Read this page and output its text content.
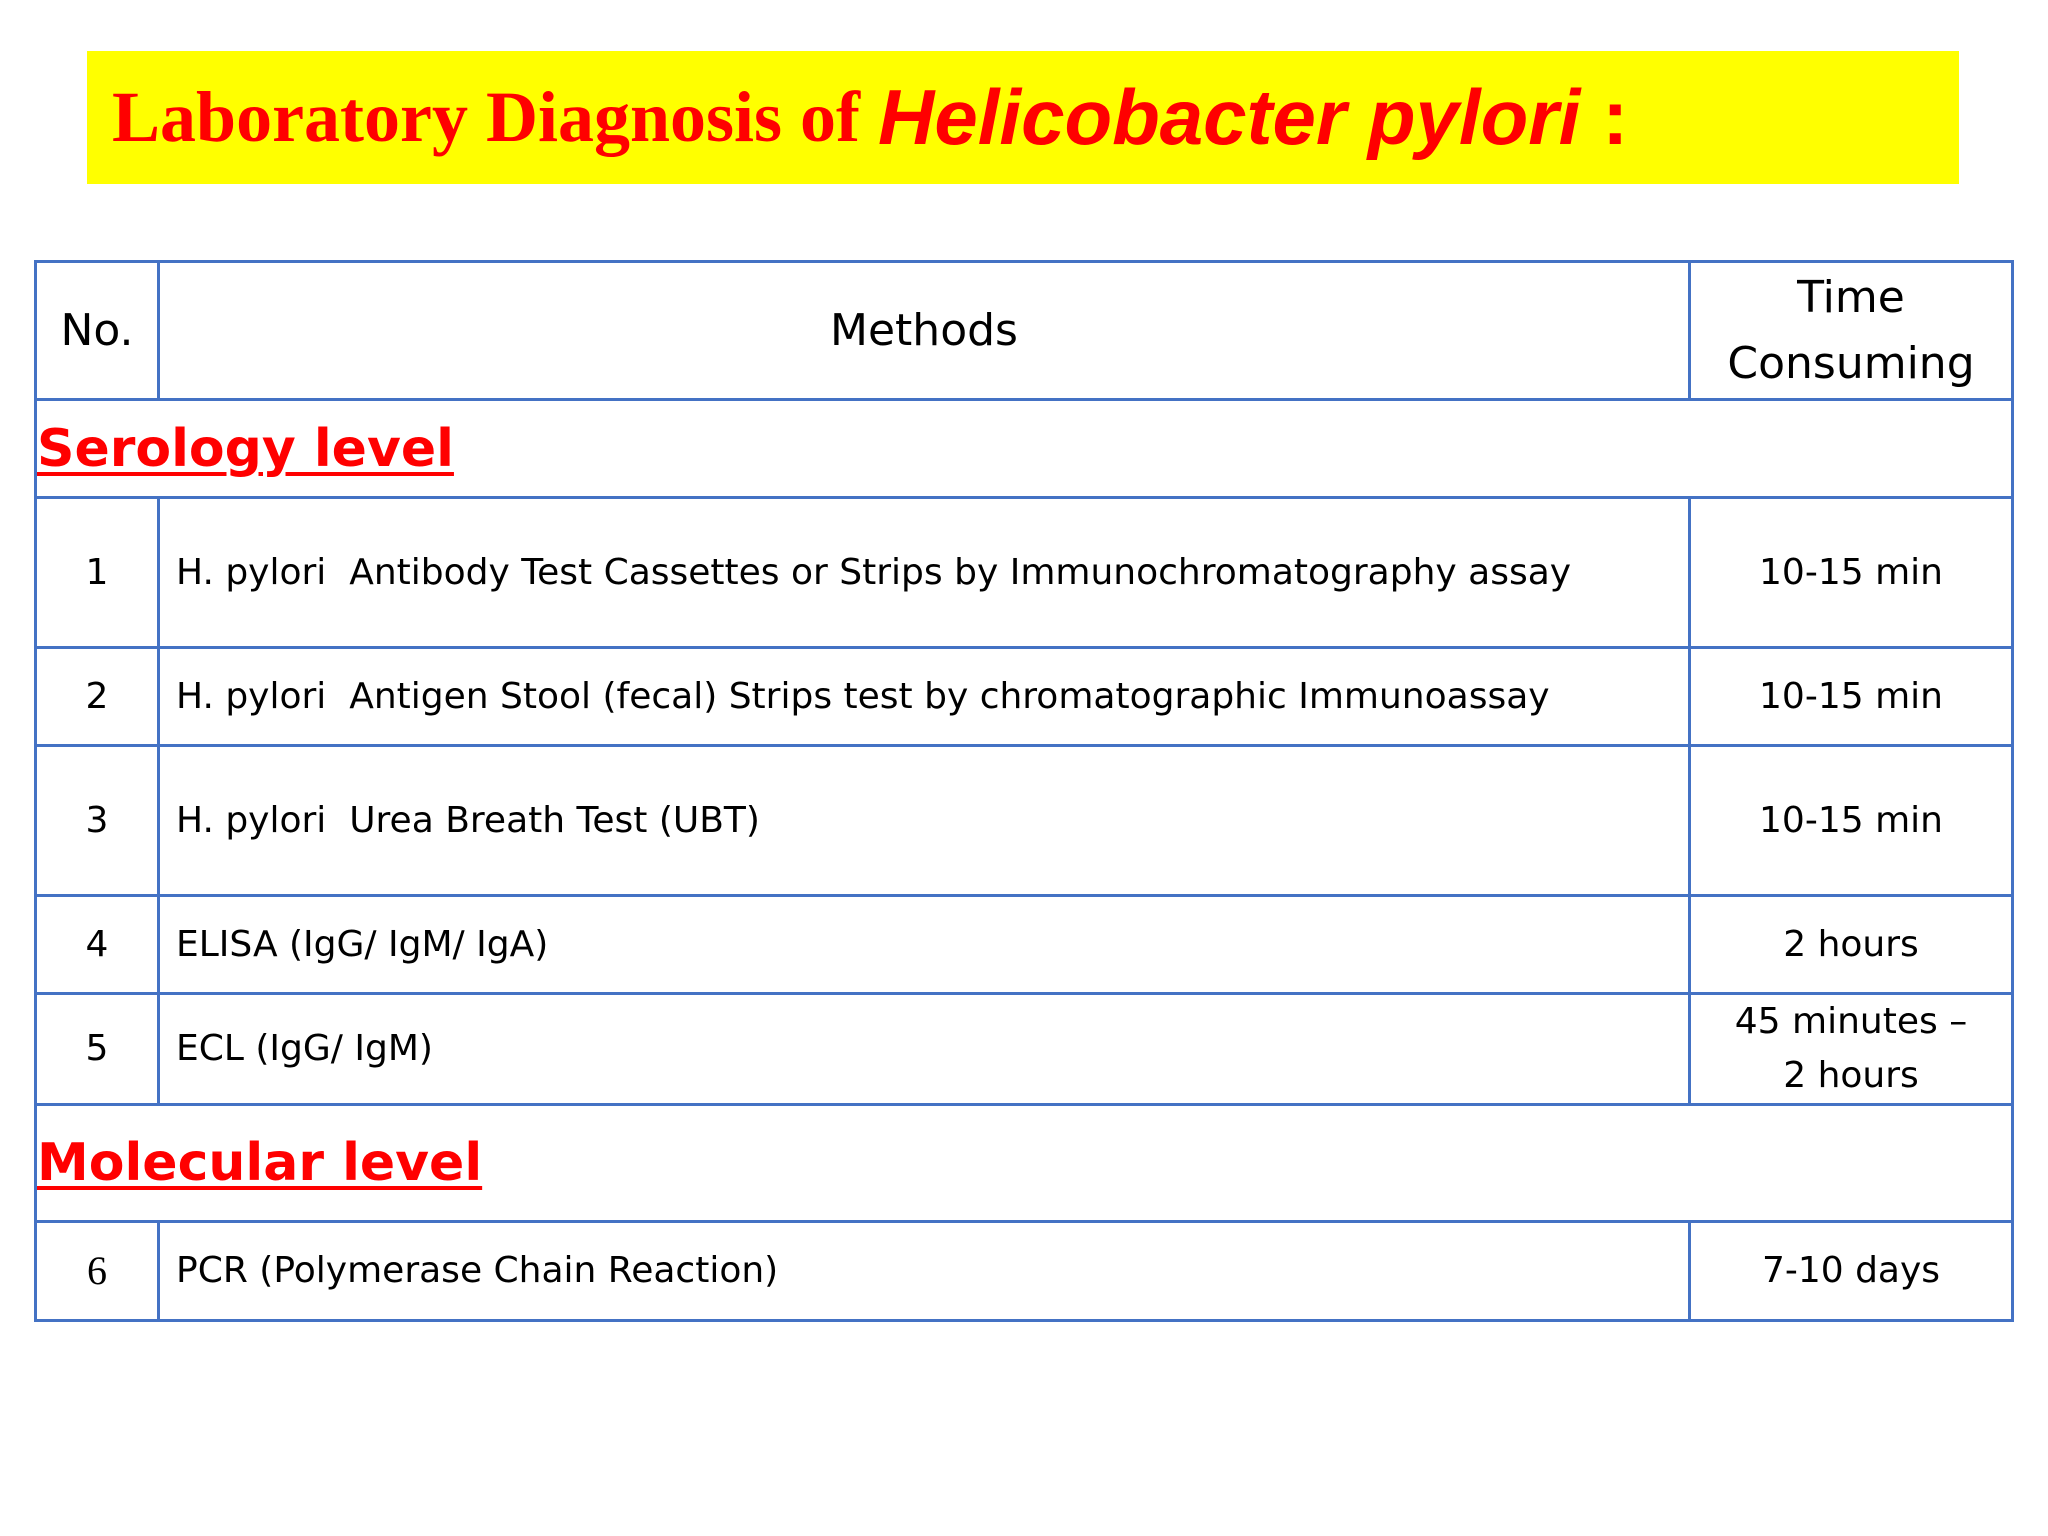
Laboratory Diagnosis of Helicobacter pylori :
No.	Methods	Time
Consuming

Serology level		
1	H. pylori  Antibody Test Cassettes or Strips by Immunochromatography assay	10-15 min
2	H. pylori  Antigen Stool (fecal) Strips test by chromatographic Immunoassay	10-15 min
3	H. pylori  Urea Breath Test (UBT)	10-15 min
4	ELISA (IgG/ IgM/ IgA)	2 hours
5	ECL (IgG/ IgM)	45 minutes –
2 hours

Molecular level		
6	PCR (Polymerase Chain Reaction)	7-10 days
